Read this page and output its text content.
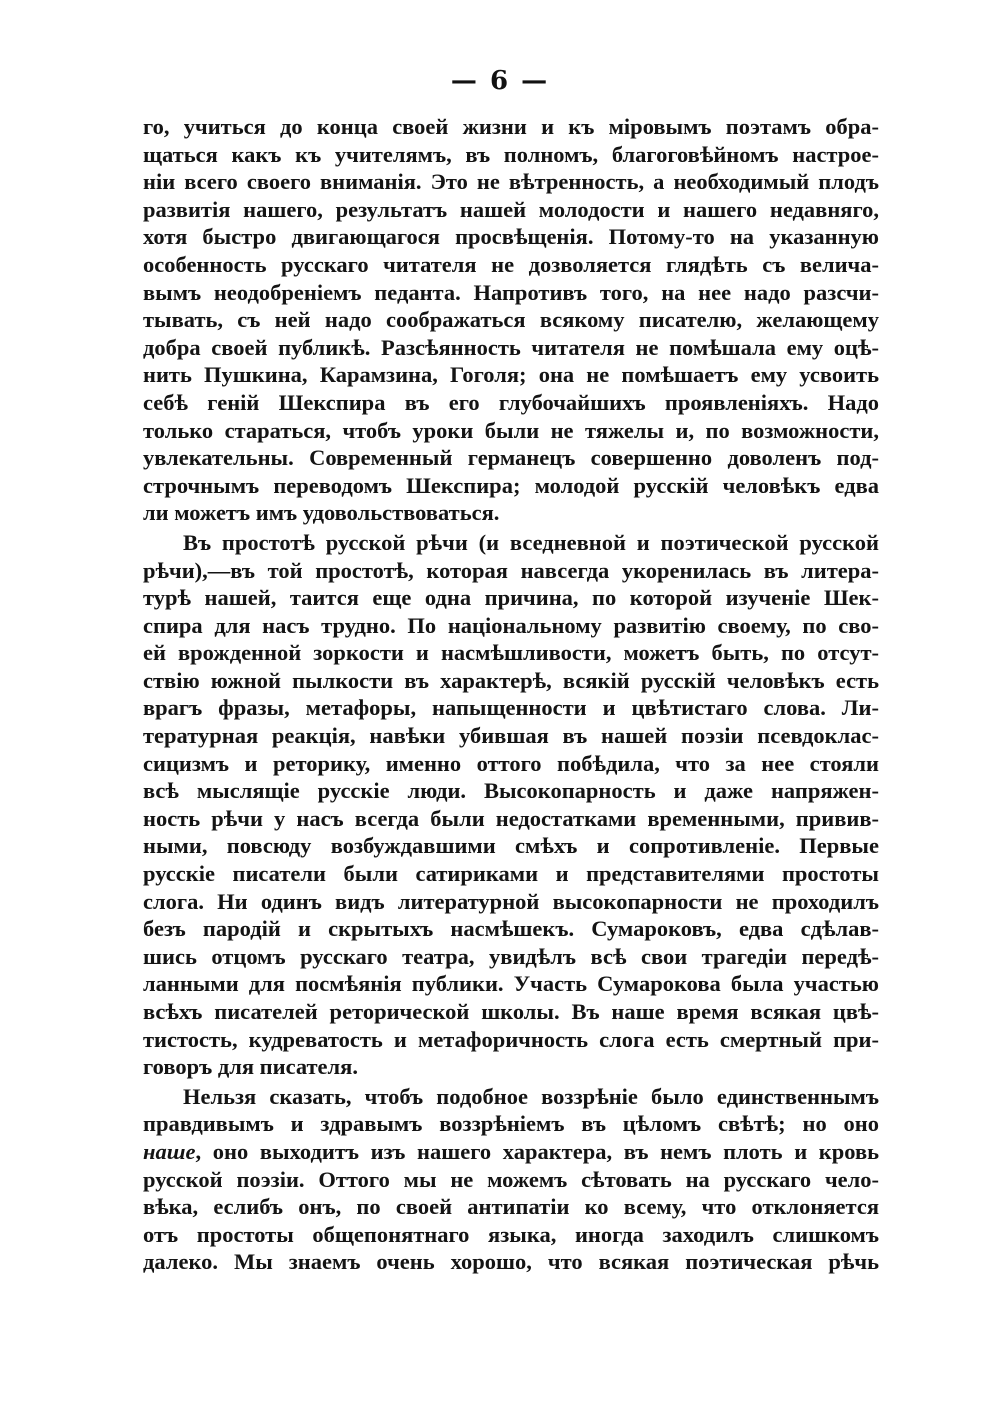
— 6 —
го, учиться до конца своей жизни и къ міровымъ поэтамъ обра-
щаться какъ къ учителямъ, въ полномъ, благоговѣйномъ настрое-
ніи всего своего вниманія. Это не вѣтренность, а необходимый плодъ
развитія нашего, результатъ нашей молодости и нашего недавняго,
хотя быстро двигающагося просвѣщенія. Потому-то на указанную
особенность русскаго читателя не дозволяется глядѣть съ велича-
вымъ неодобреніемъ педанта. Напротивъ того, на нее надо разсчи-
тывать, съ ней надо соображаться всякому писателю, желающему
добра своей публикѣ. Разсѣянность читателя не помѣшала ему оцѣ-
нить Пушкина, Карамзина, Гоголя; она не помѣшаетъ ему усвоить
себѣ геній Шекспира въ его глубочайшихъ проявленіяхъ. Надо
только стараться, чтобъ уроки были не тяжелы и, по возможности,
увлекательны. Современный германецъ совершенно доволенъ под-
строчнымъ переводомъ Шекспира; молодой русскій человѣкъ едва
ли можетъ имъ удовольствоваться.
Въ простотѣ русской рѣчи (и вседневной и поэтической русской
рѣчи),—въ той простотѣ, которая навсегда укоренилась въ литера-
турѣ нашей, таится еще одна причина, по которой изученіе Шек-
спира для насъ трудно. По національному развитію своему, по сво-
ей врожденной зоркости и насмѣшливости, можетъ быть, по отсут-
ствію южной пылкости въ характерѣ, всякій русскій человѣкъ есть
врагъ фразы, метафоры, напыщенности и цвѣтистаго слова. Ли-
тературная реакція, навѣки убившая въ нашей поэзіи псевдоклас-
сицизмъ и реторику, именно оттого побѣдила, что за нее стояли
всѣ мыслящіе русскіе люди. Высокопарность и даже напряжен-
ность рѣчи у насъ всегда были недостатками временными, привив-
ными, повсюду возбуждавшими смѣхъ и сопротивленіе. Первые
русскіе писатели были сатириками и представителями простоты
слога. Ни одинъ видъ литературной высокопарности не проходилъ
безъ пародій и скрытыхъ насмѣшекъ. Сумароковъ, едва сдѣлав-
шись отцомъ русскаго театра, увидѣлъ всѣ свои трагедіи передѣ-
ланными для посмѣянія публики. Участь Сумарокова была участью
всѣхъ писателей реторической школы. Въ наше время всякая цвѣ-
тистость, кудреватость и метафоричность слога есть смертный при-
говоръ для писателя.
Нельзя сказать, чтобъ подобное воззрѣніе было единственнымъ
правдивымъ и здравымъ воззрѣніемъ въ цѣломъ свѣтѣ; но оно
наше, оно выходитъ изъ нашего характера, въ немъ плоть и кровь
русской поэзіи. Оттого мы не можемъ сѣтовать на русскаго чело-
вѣка, еслибъ онъ, по своей антипатіи ко всему, что отклоняется
отъ простоты общепонятнаго языка, иногда заходилъ слишкомъ
далеко. Мы знаемъ очень хорошо, что всякая поэтическая рѣчь
